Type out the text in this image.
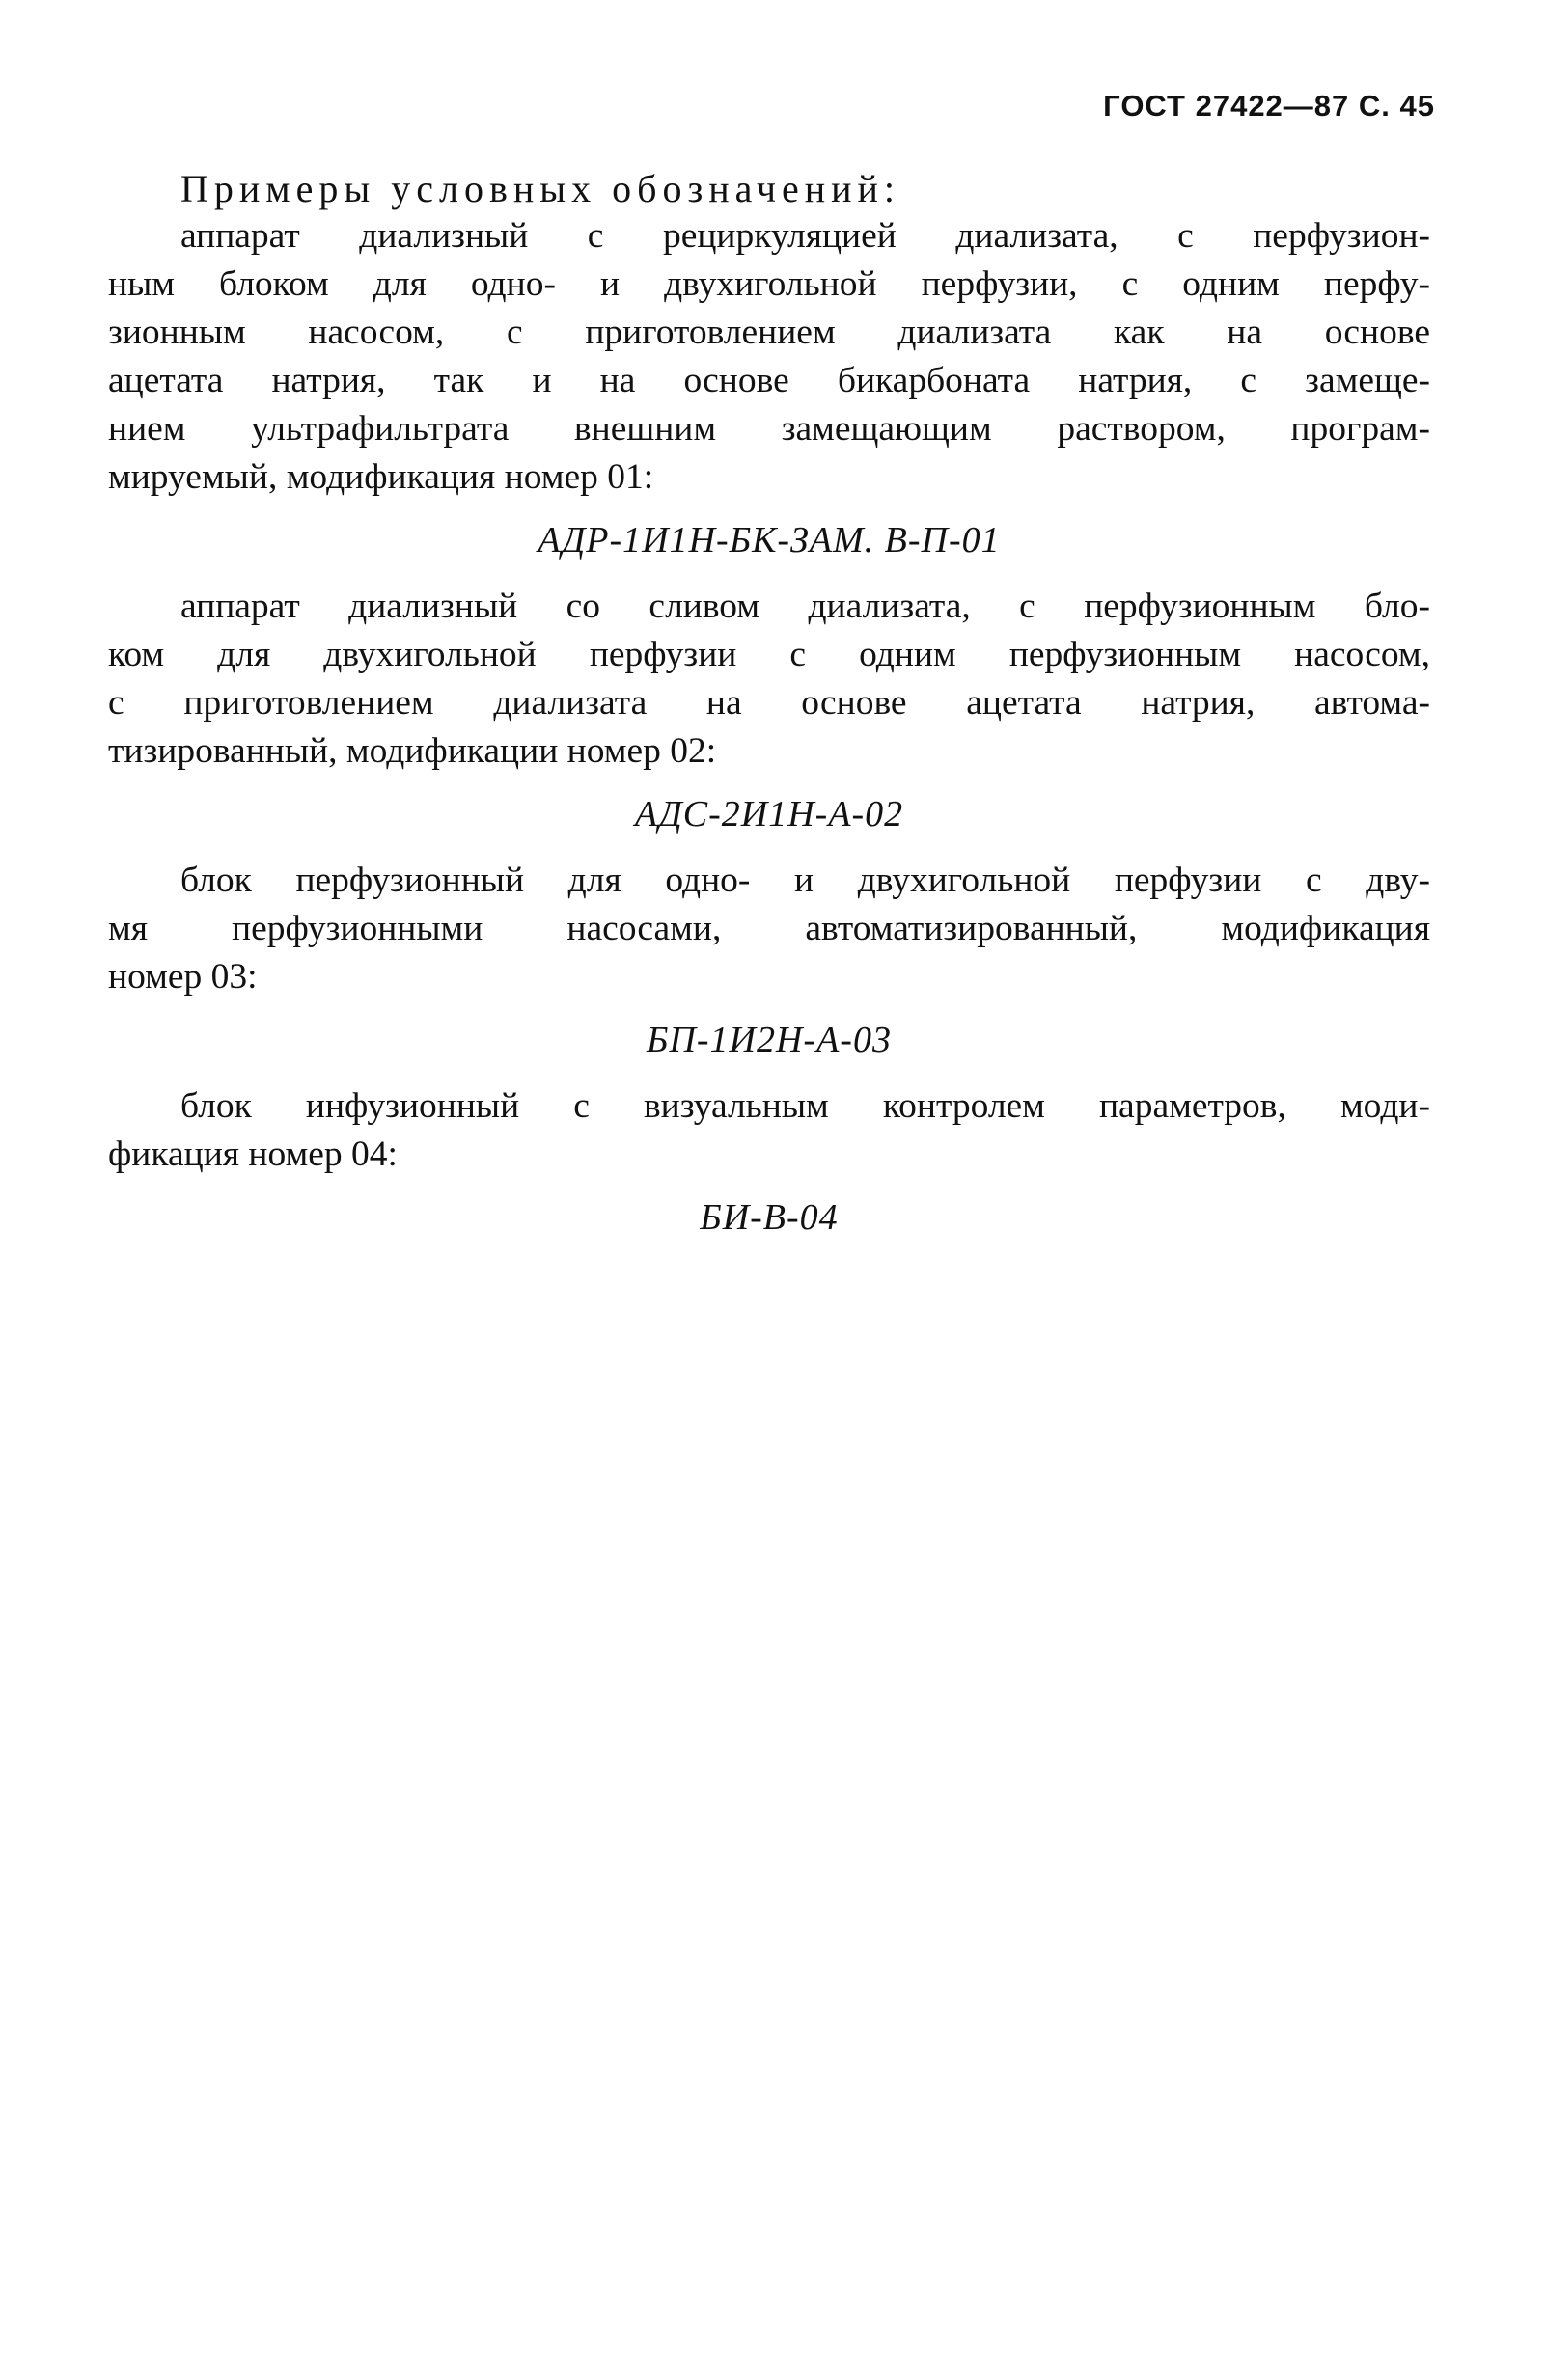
ГОСТ 27422—87 С. 45

Примеры условных обозначений:

аппарат диализный с рециркуляцией диализата, с перфузион-
ным блоком для одно- и двухигольной перфузии, с одним перфу-
зионным насосом, с приготовлением диализата как на основе
ацетата натрия, так и на основе бикарбоната натрия, с замеще-
нием ультрафильтрата внешним замещающим раствором, програм-
мируемый, модификация номер 01:
АДР-1И1Н-БК-ЗАМ. В-П-01
аппарат диализный со сливом диализата, с перфузионным бло-
ком для двухигольной перфузии с одним перфузионным насосом,
с приготовлением диализата на основе ацетата натрия, автома-
тизированный, модификации номер 02:
АДС-2И1Н-А-02
блок перфузионный для одно- и двухигольной перфузии с дву-
мя перфузионными насосами, автоматизированный, модификация
номер 03:
БП-1И2Н-А-03
блок инфузионный с визуальным контролем параметров, моди-
фикация номер 04:
БИ-В-04
